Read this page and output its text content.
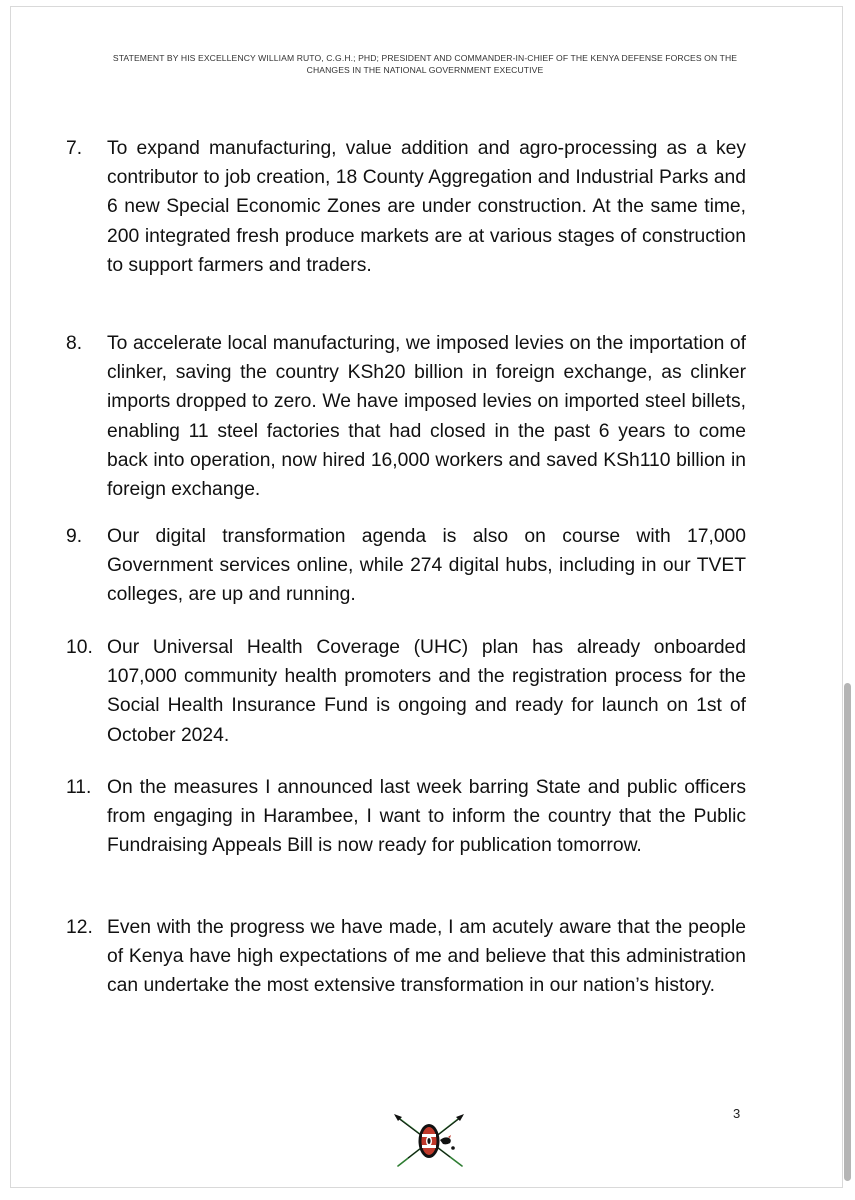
STATEMENT BY HIS EXCELLENCY WILLIAM RUTO, C.G.H.; PHD; PRESIDENT AND COMMANDER-IN-CHIEF OF THE KENYA DEFENSE FORCES ON THE
CHANGES IN THE NATIONAL GOVERNMENT EXECUTIVE
7.	To expand manufacturing, value addition and agro-processing as a key contributor to job creation, 18 County Aggregation and Industrial Parks and 6 new Special Economic Zones are under construction. At the same time, 200 integrated fresh produce markets are at various stages of construction to support farmers and traders.
8.	To accelerate local manufacturing, we imposed levies on the importation of clinker, saving the country KSh20 billion in foreign exchange, as clinker imports dropped to zero. We have imposed levies on imported steel billets, enabling 11 steel factories that had closed in the past 6 years to come back into operation, now hired 16,000 workers and saved KSh110 billion in foreign exchange.
9.	Our digital transformation agenda is also on course with 17,000 Government services online, while 274 digital hubs, including in our TVET colleges, are up and running.
10. Our Universal Health Coverage (UHC) plan has already onboarded 107,000 community health promoters and the registration process for the Social Health Insurance Fund is ongoing and ready for launch on 1st of October 2024.
11. On the measures I announced last week barring State and public officers from engaging in Harambee, I want to inform the country that the Public Fundraising Appeals Bill is now ready for publication tomorrow.
12. Even with the progress we have made, I am acutely aware that the people of Kenya have high expectations of me and believe that this administration can undertake the most extensive transformation in our nation’s history.
3
